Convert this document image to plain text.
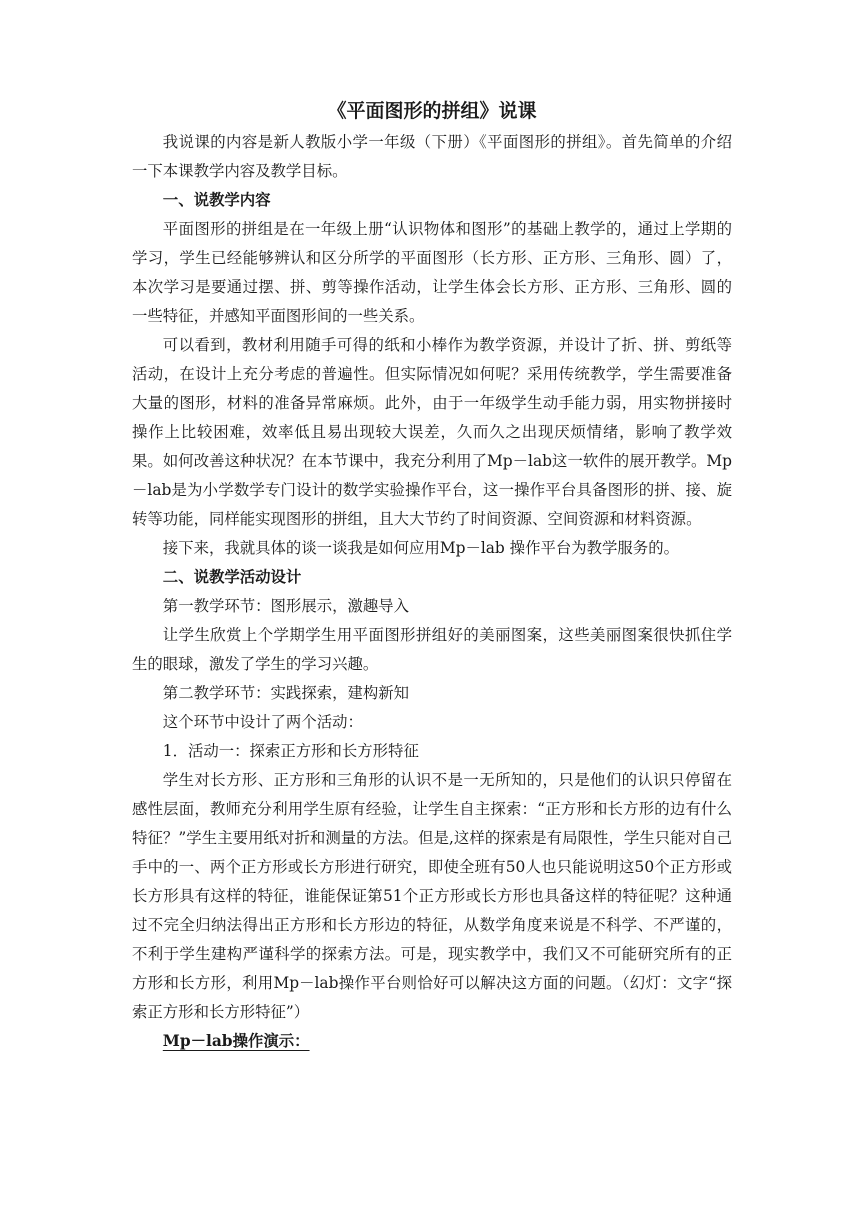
《平面图形的拼组》说课

我说课的内容是新人教版小学一年级（下册）《平面图形的拼组》。首先简单的介绍一下本课教学内容及教学目标。

一、说教学内容

平面图形的拼组是在一年级上册“认识物体和图形”的基础上教学的，通过上学期的学习，学生已经能够辨认和区分所学的平面图形（长方形、正方形、三角形、圆）了，本次学习是要通过摆、拼、剪等操作活动，让学生体会长方形、正方形、三角形、圆的一些特征，并感知平面图形间的一些关系。

可以看到，教材利用随手可得的纸和小棒作为教学资源，并设计了折、拼、剪纸等活动，在设计上充分考虑的普遍性。但实际情况如何呢？采用传统教学，学生需要准备大量的图形，材料的准备异常麻烦。此外，由于一年级学生动手能力弱，用实物拼接时操作上比较困难，效率低且易出现较大误差，久而久之出现厌烦情绪，影响了教学效果。如何改善这种状况？在本节课中，我充分利用了Mp－lab这一软件的展开教学。Mp－lab是为小学数学专门设计的数学实验操作平台，这一操作平台具备图形的拼、接、旋转等功能，同样能实现图形的拼组，且大大节约了时间资源、空间资源和材料资源。

接下来，我就具体的谈一谈我是如何应用Mp－lab 操作平台为教学服务的。

二、说教学活动设计

第一教学环节：图形展示，激趣导入

让学生欣赏上个学期学生用平面图形拼组好的美丽图案，这些美丽图案很快抓住学生的眼球，激发了学生的学习兴趣。

第二教学环节：实践探索，建构新知

这个环节中设计了两个活动：

1．活动一：探索正方形和长方形特征

学生对长方形、正方形和三角形的认识不是一无所知的，只是他们的认识只停留在感性层面，教师充分利用学生原有经验，让学生自主探索：“正方形和长方形的边有什么特征？”学生主要用纸对折和测量的方法。但是,这样的探索是有局限性，学生只能对自己手中的一、两个正方形或长方形进行研究，即使全班有50人也只能说明这50个正方形或长方形具有这样的特征，谁能保证第51个正方形或长方形也具备这样的特征呢？这种通过不完全归纳法得出正方形和长方形边的特征，从数学角度来说是不科学、不严谨的，不利于学生建构严谨科学的探索方法。可是，现实教学中，我们又不可能研究所有的正方形和长方形，利用Mp－lab操作平台则恰好可以解决这方面的问题。（幻灯：文字“探索正方形和长方形特征”）

Mp－lab操作演示：
